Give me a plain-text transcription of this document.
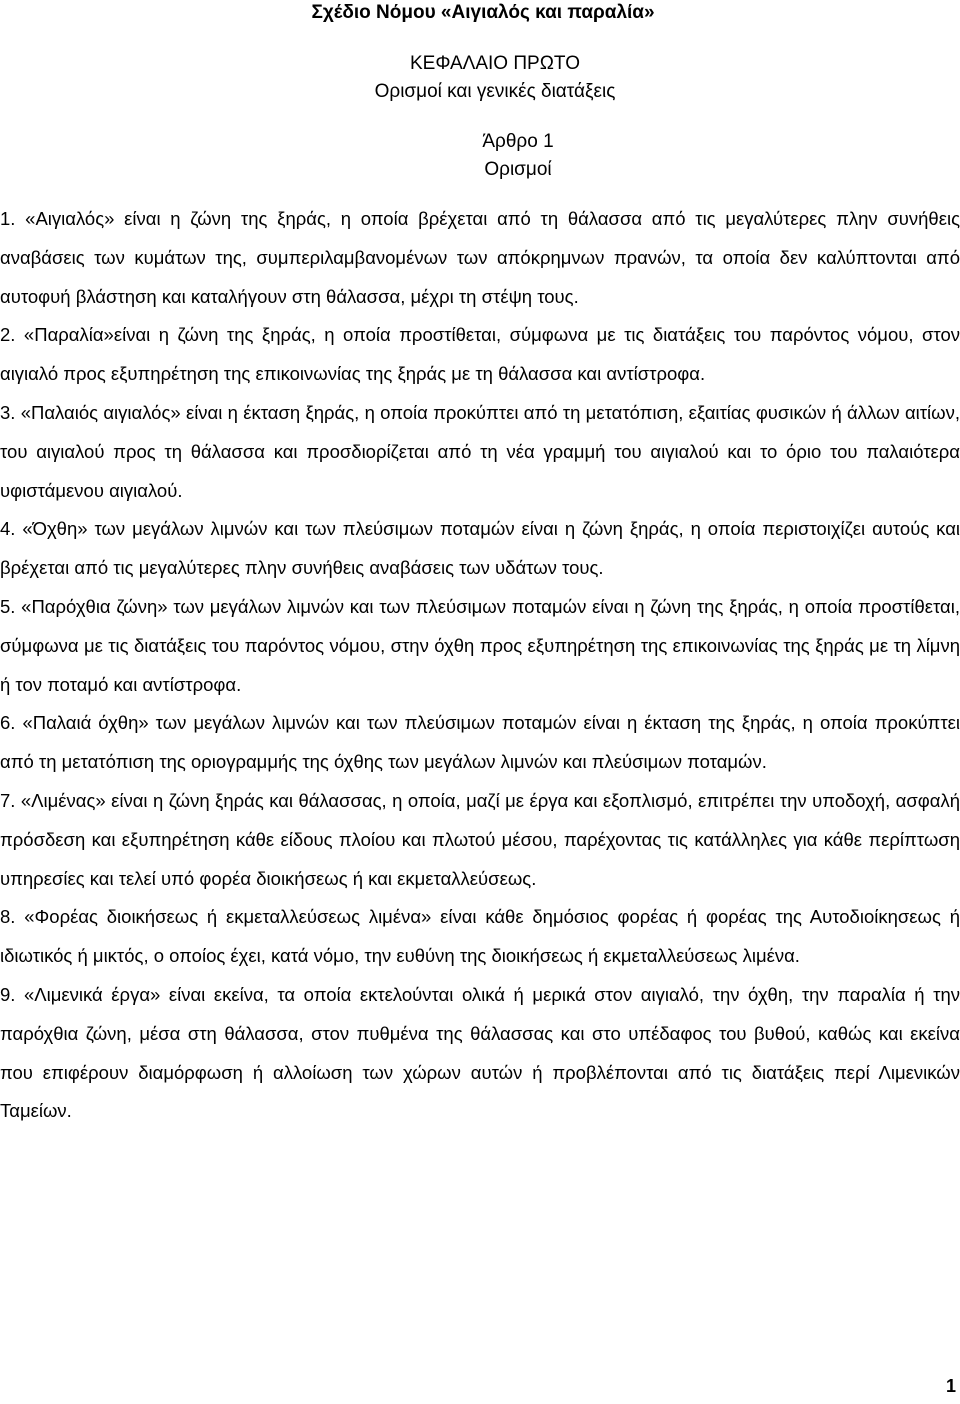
Σχέδιο Νόμου «Αιγιαλός και παραλία»
ΚΕΦΑΛΑΙΟ ΠΡΩΤΟ
Ορισμοί και γενικές διατάξεις
Άρθρο 1
Ορισμοί

1. «Αιγιαλός» είναι η ζώνη της ξηράς, η οποία βρέχεται από τη θάλασσα από τις μεγαλύτερες πλην συνήθεις αναβάσεις των κυμάτων της, συμπεριλαμβανομένων των απόκρημνων πρανών, τα οποία δεν καλύπτονται από αυτοφυή βλάστηση και καταλήγουν στη θάλασσα, μέχρι τη στέψη τους.

2. «Παραλία»είναι η ζώνη της ξηράς, η οποία προστίθεται, σύμφωνα με τις διατάξεις του παρόντος νόμου, στον αιγιαλό προς εξυπηρέτηση της επικοινωνίας της ξηράς με τη θάλασσα και αντίστροφα.

3. «Παλαιός αιγιαλός» είναι η έκταση ξηράς, η οποία προκύπτει από τη μετατόπιση, εξαιτίας φυσικών ή άλλων αιτίων, του αιγιαλού προς τη θάλασσα και προσδιορίζεται από τη νέα γραμμή του αιγιαλού και το όριο του παλαιότερα υφιστάμενου αιγιαλού.

4. «Όχθη» των μεγάλων λιμνών και των πλεύσιμων ποταμών είναι η ζώνη ξηράς, η οποία περιστοιχίζει αυτούς και βρέχεται από τις μεγαλύτερες πλην συνήθεις αναβάσεις των υδάτων τους.

5. «Παρόχθια ζώνη» των μεγάλων λιμνών και των πλεύσιμων ποταμών είναι η ζώνη της ξηράς, η οποία προστίθεται, σύμφωνα με τις διατάξεις του παρόντος νόμου, στην όχθη προς εξυπηρέτηση της επικοινωνίας της ξηράς με τη λίμνη ή τον ποταμό και αντίστροφα.

6. «Παλαιά όχθη» των μεγάλων λιμνών και των πλεύσιμων ποταμών είναι η έκταση της ξηράς, η οποία προκύπτει από τη μετατόπιση της οριογραμμής της όχθης των μεγάλων λιμνών και πλεύσιμων ποταμών.

7. «Λιμένας» είναι η ζώνη ξηράς και θάλασσας, η οποία, μαζί με έργα και εξοπλισμό, επιτρέπει την υποδοχή, ασφαλή πρόσδεση και εξυπηρέτηση κάθε είδους πλοίου και πλωτού μέσου, παρέχοντας τις κατάλληλες για κάθε περίπτωση υπηρεσίες και τελεί υπό φορέα διοικήσεως ή και εκμεταλλεύσεως.

8. «Φορέας διοικήσεως ή εκμεταλλεύσεως λιμένα» είναι κάθε δημόσιος φορέας ή φορέας της Αυτοδιοίκησεως ή ιδιωτικός ή μικτός, ο οποίος έχει, κατά νόμο, την ευθύνη της διοικήσεως ή εκμεταλλεύσεως λιμένα.

9. «Λιμενικά έργα» είναι εκείνα, τα οποία εκτελούνται ολικά ή μερικά στον αιγιαλό, την όχθη, την παραλία ή την παρόχθια ζώνη, μέσα στη θάλασσα, στον πυθμένα της θάλασσας και στο υπέδαφος του βυθού, καθώς και εκείνα που επιφέρουν διαμόρφωση ή αλλοίωση των χώρων αυτών ή προβλέπονται από τις διατάξεις περί Λιμενικών Ταμείων.

1
